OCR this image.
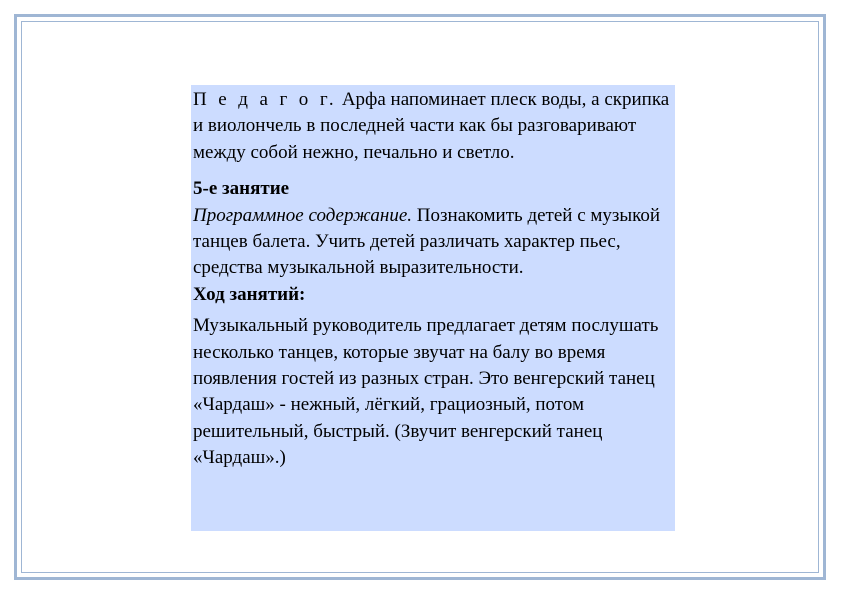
П е д а г о г. Арфа напоминает плеск воды, а скрипка и виолончель в последней части как бы разговаривают между собой нежно, печально и светло.

5-е занятие

Программное содержание. Познакомить детей с музыкой танцев балета. Учить детей различать характер пьес, средства музыкальной выразительности.

Ход занятий:

Музыкальный руководитель предлагает детям послушать несколько танцев, которые звучат на балу во время появления гостей из разных стран. Это венгерский танец «Чардаш» - нежный, лёгкий, грациозный, потом решительный, быстрый. (Звучит венгерский танец «Чардаш».)
